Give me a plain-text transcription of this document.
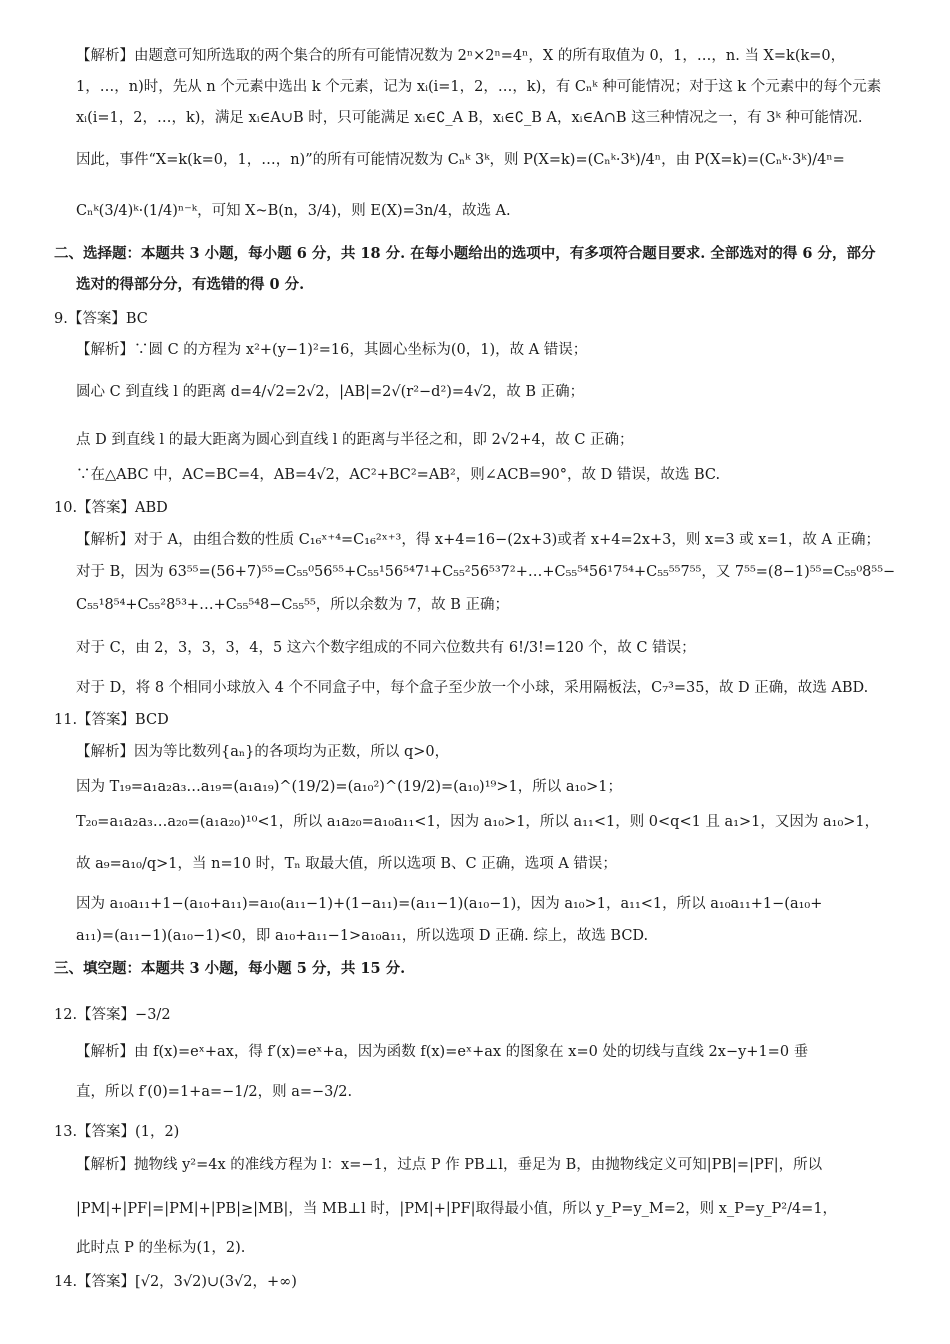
【解析】由题意可知所选取的两个集合的所有可能情况数为 2ⁿ×2ⁿ=4ⁿ，X 的所有取值为 0，1，…，n. 当 X=k(k=0，
1，…，n)时，先从 n 个元素中选出 k 个元素，记为 xᵢ(i=1，2，…，k)，有 Cₙᵏ 种可能情况；对于这 k 个元素中的每个元素
xᵢ(i=1，2，…，k)，满足 xᵢ∈A∪B 时，只可能满足 xᵢ∈∁_A B，xᵢ∈∁_B A，xᵢ∈A∩B 这三种情况之一，有 3ᵏ 种可能情况.
因此，事件“X=k(k=0，1，…，n)”的所有可能情况数为 Cₙᵏ 3ᵏ，则 P(X=k)=(Cₙᵏ·3ᵏ)/4ⁿ，由 P(X=k)=(Cₙᵏ·3ᵏ)/4ⁿ=
Cₙᵏ(3/4)ᵏ·(1/4)ⁿ⁻ᵏ，可知 X~B(n，3/4)，则 E(X)=3n/4，故选 A.
二、选择题：本题共 3 小题，每小题 6 分，共 18 分. 在每小题给出的选项中，有多项符合题目要求. 全部选对的得 6 分，部分
选对的得部分分，有选错的得 0 分.
9.【答案】BC
【解析】∵圆 C 的方程为 x²+(y−1)²=16，其圆心坐标为(0，1)，故 A 错误；
圆心 C 到直线 l 的距离 d=4/√2=2√2，|AB|=2√(r²−d²)=4√2，故 B 正确；
点 D 到直线 l 的最大距离为圆心到直线 l 的距离与半径之和，即 2√2+4，故 C 正确；
∵在△ABC 中，AC=BC=4，AB=4√2，AC²+BC²=AB²，则∠ACB=90°，故 D 错误，故选 BC.
10.【答案】ABD
【解析】对于 A，由组合数的性质 C₁₆ˣ⁺⁴=C₁₆²ˣ⁺³，得 x+4=16−(2x+3)或者 x+4=2x+3，则 x=3 或 x=1，故 A 正确；
对于 B，因为 63⁵⁵=(56+7)⁵⁵=C₅₅⁰56⁵⁵+C₅₅¹56⁵⁴7¹+C₅₅²56⁵³7²+…+C₅₅⁵⁴56¹7⁵⁴+C₅₅⁵⁵7⁵⁵，又 7⁵⁵=(8−1)⁵⁵=C₅₅⁰8⁵⁵−
C₅₅¹8⁵⁴+C₅₅²8⁵³+…+C₅₅⁵⁴8−C₅₅⁵⁵，所以余数为 7，故 B 正确；
对于 C，由 2，3，3，3，4，5 这六个数字组成的不同六位数共有 6!/3!=120 个，故 C 错误；
对于 D，将 8 个相同小球放入 4 个不同盒子中，每个盒子至少放一个小球，采用隔板法，C₇³=35，故 D 正确，故选 ABD.
11.【答案】BCD
【解析】因为等比数列{aₙ}的各项均为正数，所以 q>0，
因为 T₁₉=a₁a₂a₃…a₁₉=(a₁a₁₉)^(19/2)=(a₁₀²)^(19/2)=(a₁₀)¹⁹>1，所以 a₁₀>1；
T₂₀=a₁a₂a₃…a₂₀=(a₁a₂₀)¹⁰<1，所以 a₁a₂₀=a₁₀a₁₁<1，因为 a₁₀>1，所以 a₁₁<1，则 0<q<1 且 a₁>1，又因为 a₁₀>1，
故 a₉=a₁₀/q>1，当 n=10 时，Tₙ 取最大值，所以选项 B、C 正确，选项 A 错误；
因为 a₁₀a₁₁+1−(a₁₀+a₁₁)=a₁₀(a₁₁−1)+(1−a₁₁)=(a₁₁−1)(a₁₀−1)，因为 a₁₀>1，a₁₁<1，所以 a₁₀a₁₁+1−(a₁₀+
a₁₁)=(a₁₁−1)(a₁₀−1)<0，即 a₁₀+a₁₁−1>a₁₀a₁₁，所以选项 D 正确. 综上，故选 BCD.
三、填空题：本题共 3 小题，每小题 5 分，共 15 分.
12.【答案】−3/2
【解析】由 f(x)=eˣ+ax，得 f′(x)=eˣ+a，因为函数 f(x)=eˣ+ax 的图象在 x=0 处的切线与直线 2x−y+1=0 垂
直，所以 f′(0)=1+a=−1/2，则 a=−3/2.
13.【答案】(1，2)
【解析】抛物线 y²=4x 的准线方程为 l：x=−1，过点 P 作 PB⊥l，垂足为 B，由抛物线定义可知|PB|=|PF|，所以
|PM|+|PF|=|PM|+|PB|≥|MB|，当 MB⊥l 时，|PM|+|PF|取得最小值，所以 y_P=y_M=2，则 x_P=y_P²/4=1，
此时点 P 的坐标为(1，2).
14.【答案】[√2，3√2)∪(3√2，+∞)
